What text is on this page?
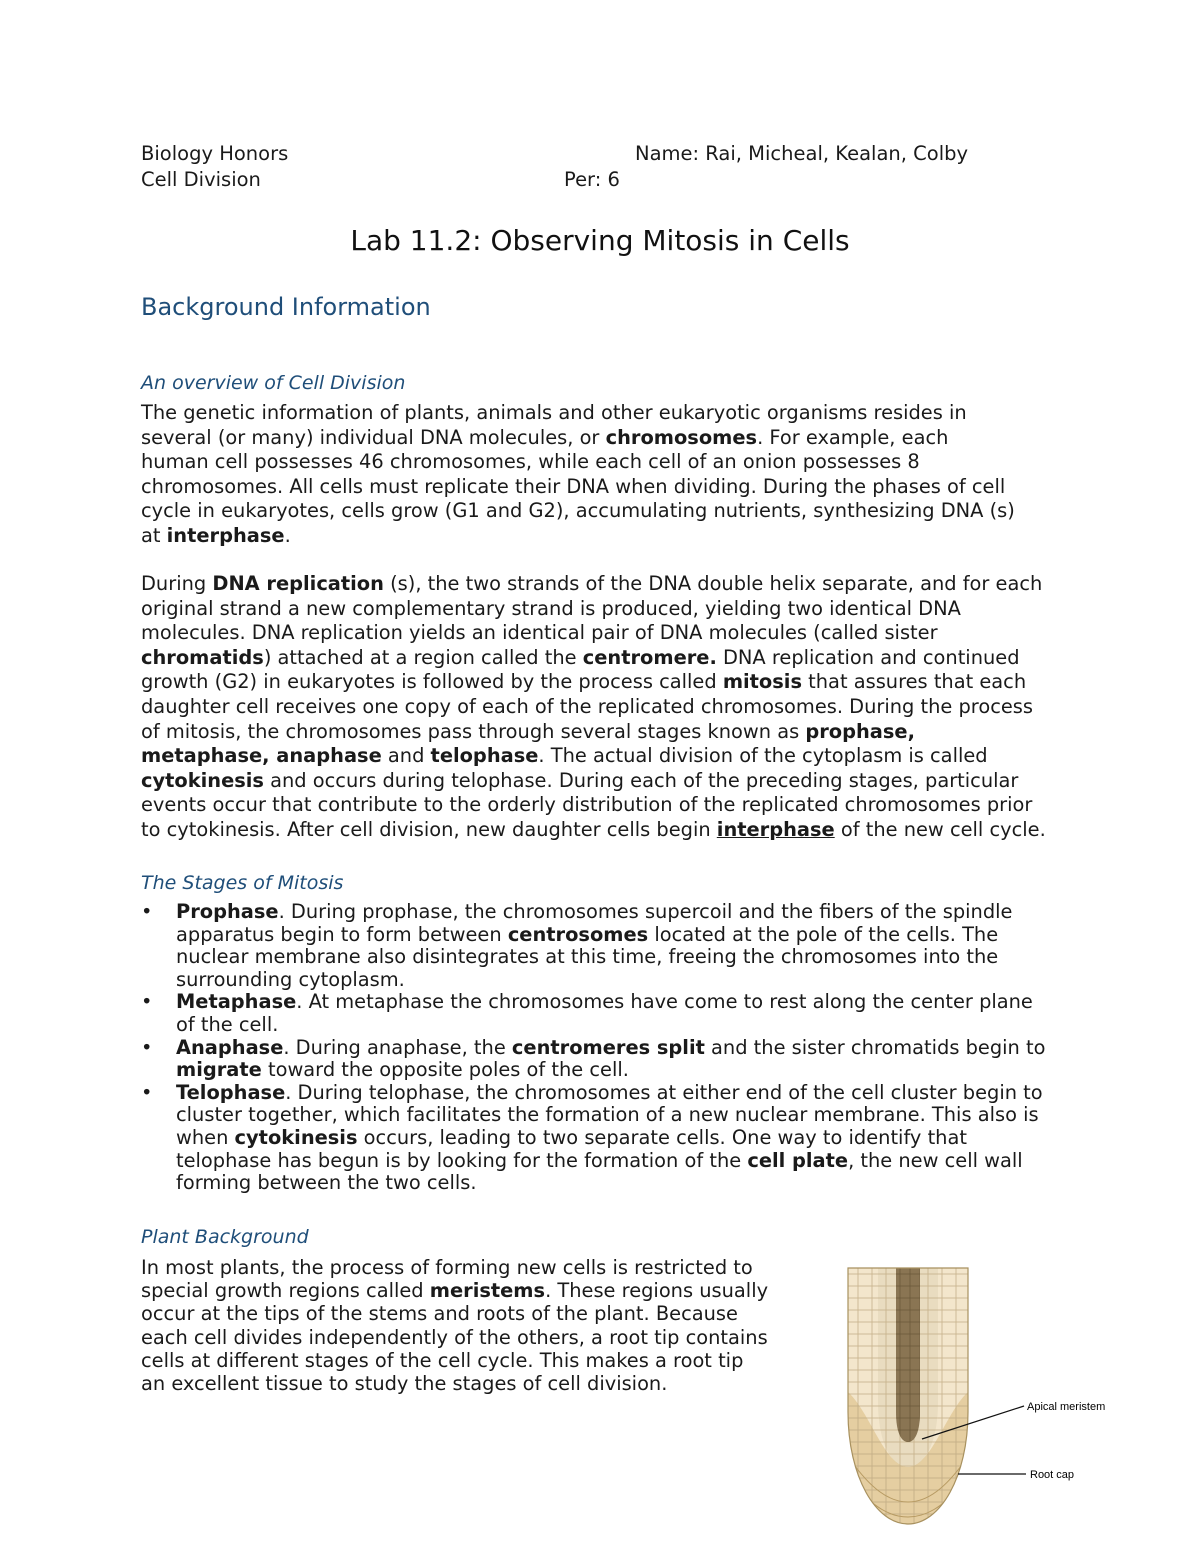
Biology Honors	Name: Rai, Micheal, Kealan, Colby
Cell Division	Per: 6
Lab 11.2: Observing Mitosis in Cells
Background Information
An overview of Cell Division
The genetic information of plants, animals and other eukaryotic organisms resides in
several (or many) individual DNA molecules, or chromosomes. For example, each
human cell possesses 46 chromosomes, while each cell of an onion possesses 8
chromosomes. All cells must replicate their DNA when dividing. During the phases of cell
cycle in eukaryotes, cells grow (G1 and G2), accumulating nutrients, synthesizing DNA (s)
at interphase.
During DNA replication (s), the two strands of the DNA double helix separate, and for each
original strand a new complementary strand is produced, yielding two identical DNA
molecules. DNA replication yields an identical pair of DNA molecules (called sister
chromatids) attached at a region called the centromere. DNA replication and continued
growth (G2) in eukaryotes is followed by the process called mitosis that assures that each
daughter cell receives one copy of each of the replicated chromosomes. During the process
of mitosis, the chromosomes pass through several stages known as prophase,
metaphase, anaphase and telophase. The actual division of the cytoplasm is called
cytokinesis and occurs during telophase. During each of the preceding stages, particular
events occur that contribute to the orderly distribution of the replicated chromosomes prior
to cytokinesis. After cell division, new daughter cells begin interphase of the new cell cycle.
The Stages of Mitosis
• Prophase. During prophase, the chromosomes supercoil and the fibers of the spindle
apparatus begin to form between centrosomes located at the pole of the cells. The
nuclear membrane also disintegrates at this time, freeing the chromosomes into the
surrounding cytoplasm.
• Metaphase. At metaphase the chromosomes have come to rest along the center plane
of the cell.
• Anaphase. During anaphase, the centromeres split and the sister chromatids begin to
migrate toward the opposite poles of the cell.
• Telophase. During telophase, the chromosomes at either end of the cell cluster begin to
cluster together, which facilitates the formation of a new nuclear membrane. This also is
when cytokinesis occurs, leading to two separate cells. One way to identify that
telophase has begun is by looking for the formation of the cell plate, the new cell wall
forming between the two cells.
Plant Background
In most plants, the process of forming new cells is restricted to
special growth regions called meristems. These regions usually
occur at the tips of the stems and roots of the plant. Because
each cell divides independently of the others, a root tip contains
cells at different stages of the cell cycle. This makes a root tip
an excellent tissue to study the stages of cell division.
Apical meristem
Root cap
